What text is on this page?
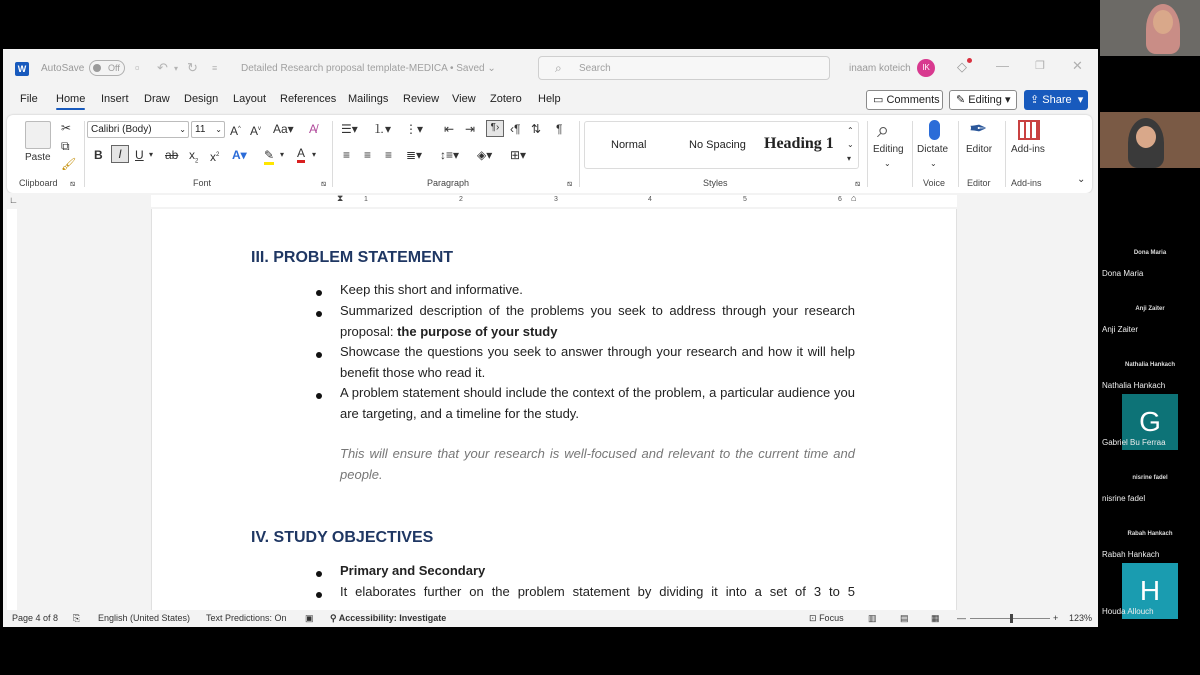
W AutoSave	Off	▫ ↶ ▾ ↻ ≡ Detailed Research proposal template-MEDICA • Saved ⌄	⌕ Search	inaam koteich	IK	◇ — ❐ ✕
File Home Insert Draw Design Layout References Mailings Review View Zotero Help	▭ Comments	✎ Editing ▾	⇪ Share  ▾
Paste
✂
⧉
🖌
Clipboard ⧅
Calibri (Body)	⌄ 11 ⌄ A^ $A^v$ Aa▾ A̸
B	I	U ▾ ab $x_2$ $x^2$ A▾ ✎ ▾ A ▾
Font	⧅
☰▾ ⒈▾ ⋮▾ ⇤ ⇥	¶› ‹¶ ⇅ ¶
≡ ≡ ≡ ≣▾ ↕≡▾ ◈▾ ⊞▾
Paragraph	⧅
Normal	No Spacing Heading 1
⌃
⌄
▾
Styles	⧅
⌕
Editing
⌄
Dictate
⌄
Voice
✒
Editor
Editor
Add-ins
Add-ins	⌄
∟	1	2	3	4	5	6
⧗	⌂
III. PROBLEM STATEMENT
Keep this short and informative.
Summarized description of the problems you seek to address through your research proposal: the purpose of your study
Showcase the questions you seek to answer through your research and how it will help benefit those who read it.
A problem statement should include the context of the problem, a particular audience you are targeting, and a timeline for the study.
This will ensure that your research is well-focused and relevant to the current time and people.
IV. STUDY OBJECTIVES
Primary and Secondary
It elaborates further on the problem statement by dividing it into a set of 3 to 5
Page 4 of 8 ⎘ English (United States) Text Predictions: On ▣ ⚲ Accessibility: Investigate	⊡ Focus	▥	▤ ▦ —	+ 123%
Dona Maria
Dona Maria
Anji Zaiter
Anji Zaiter
Nathalia Hankach
Nathalia Hankach
G
Gabriel Bu Ferraa
nisrine fadel
nisrine fadel
Rabah Hankach
Rabah Hankach
H
Houda Allouch
